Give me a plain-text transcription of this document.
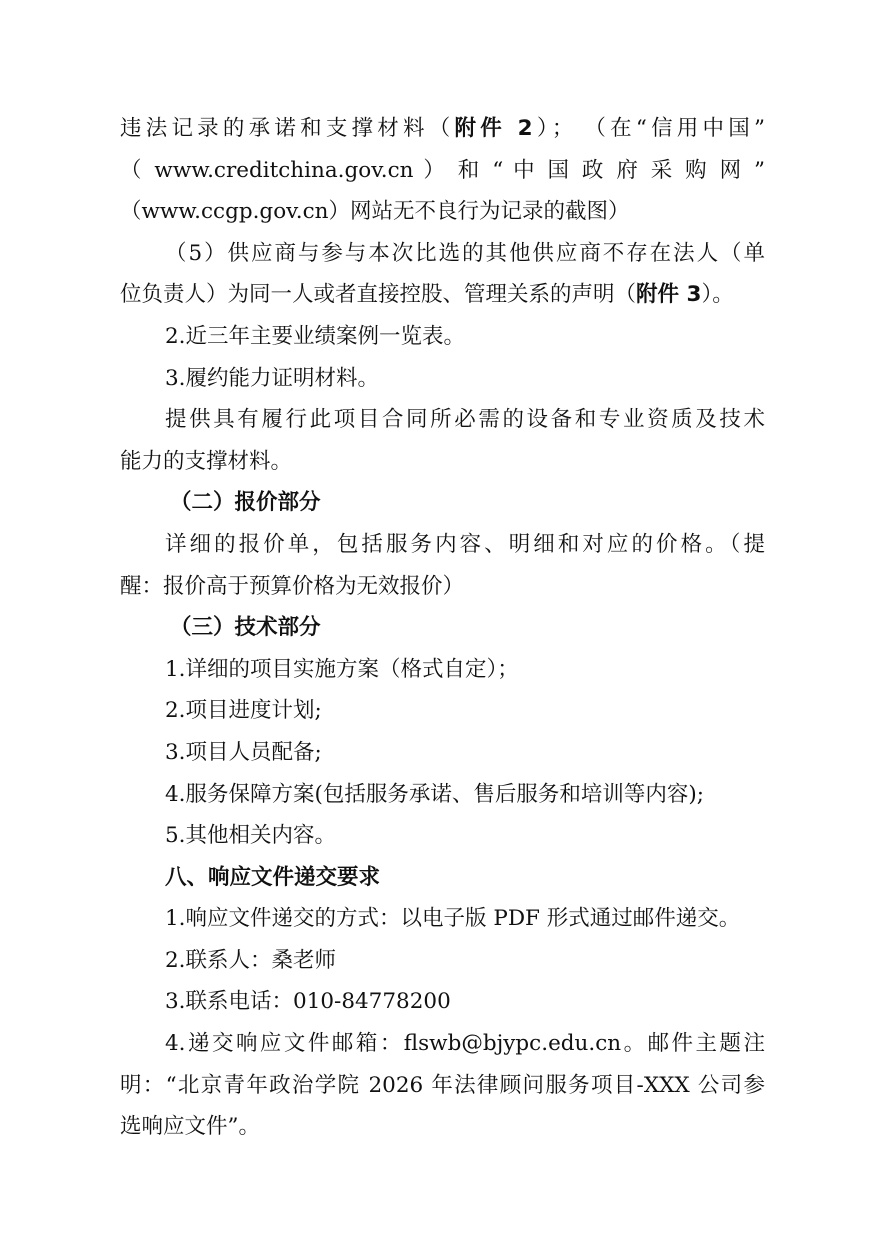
违法记录的承诺和支撑材料（附件 2）； （在“信用中国”
（ www.creditchina.gov.cn ） 和 “ 中 国 政 府 采 购 网 ”
（www.ccgp.gov.cn）网站无不良行为记录的截图）
（5）供应商与参与本次比选的其他供应商不存在法人（单
位负责人）为同一人或者直接控股、管理关系的声明（附件 3）。
2.近三年主要业绩案例一览表。
3.履约能力证明材料。
提供具有履行此项目合同所必需的设备和专业资质及技术
能力的支撑材料。
（二）报价部分
详细的报价单，包括服务内容、明细和对应的价格。（提
醒：报价高于预算价格为无效报价）
（三）技术部分
1.详细的项目实施方案（格式自定）；
2.项目进度计划;
3.项目人员配备;
4.服务保障方案(包括服务承诺、售后服务和培训等内容);
5.其他相关内容。
八、响应文件递交要求
1.响应文件递交的方式：以电子版 PDF 形式通过邮件递交。
2.联系人：桑老师
3.联系电话：010-84778200
4.递交响应文件邮箱：flswb@bjypc.edu.cn。邮件主题注
明：“北京青年政治学院 2026 年法律顾问服务项目-XXX 公司参
选响应文件”。
